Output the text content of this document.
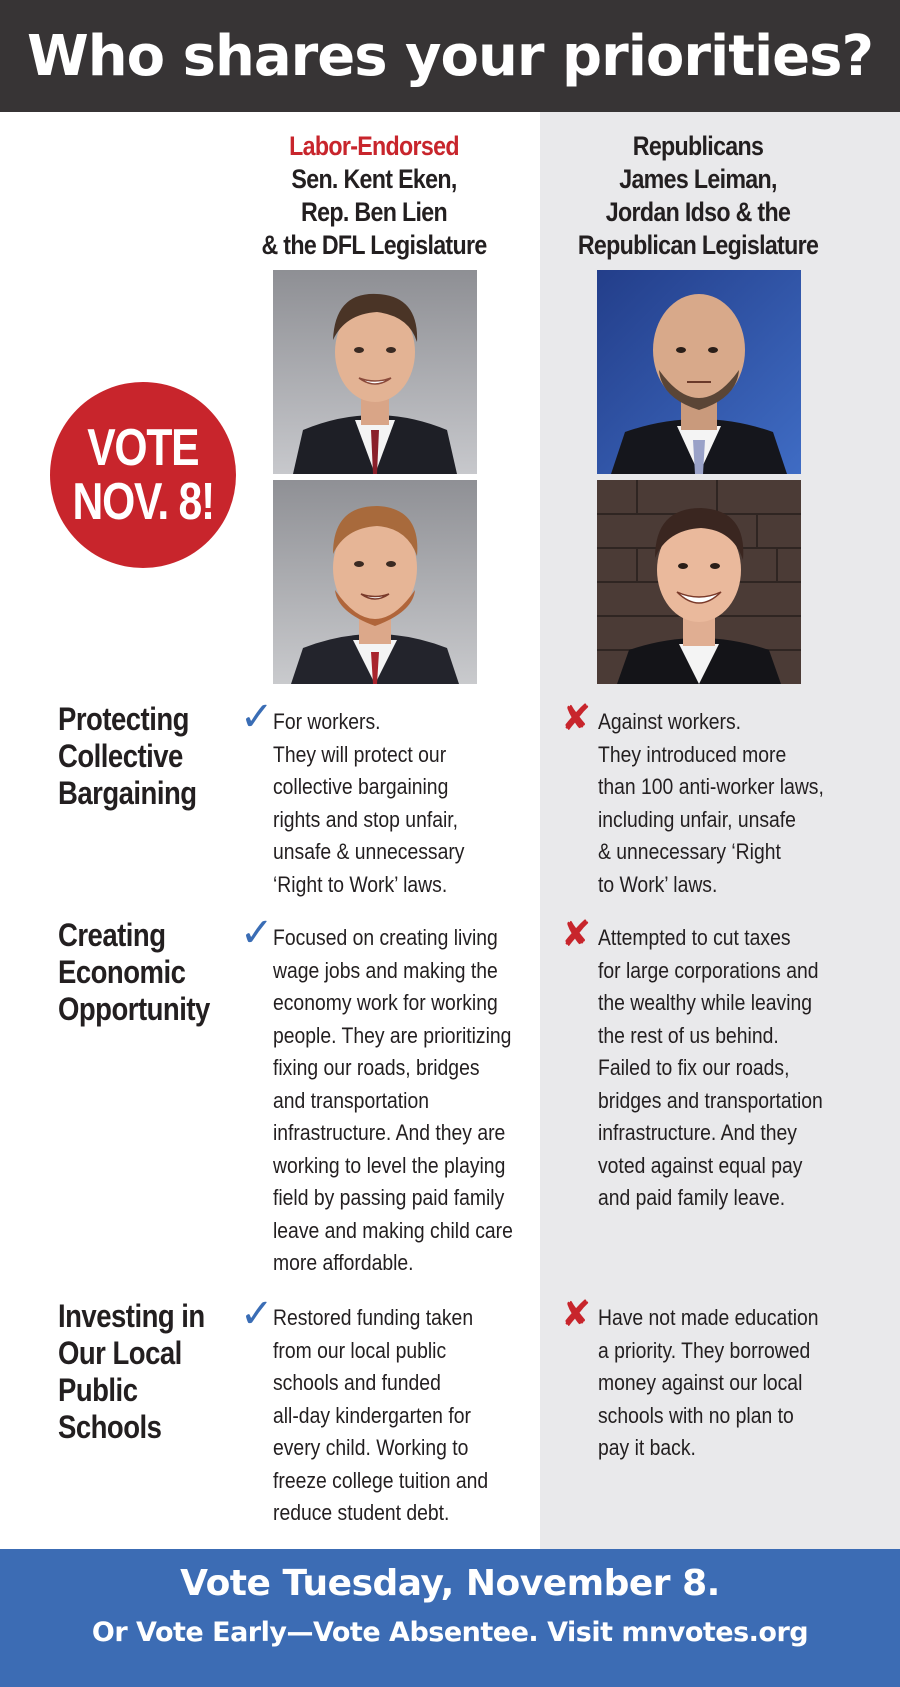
Who shares your priorities?
Labor-Endorsed
Sen. Kent Eken,
Rep. Ben Lien
& the DFL Legislature
Republicans
James Leiman,
Jordan Idso & the
Republican Legislature
VOTE
NOV. 8!
Protecting
Collective
Bargaining
✓ For workers.
They will protect our
collective bargaining
rights and stop unfair,
unsafe & unnecessary
‘Right to Work’ laws.
✘ Against workers.
They introduced more
than 100 anti-worker laws,
including unfair, unsafe
& unnecessary ‘Right
to Work’ laws.
Creating
Economic
Opportunity
✓ Focused on creating living
wage jobs and making the
economy work for working
people. They are prioritizing
fixing our roads, bridges
and transportation
infrastructure. And they are
working to level the playing
field by passing paid family
leave and making child care
more affordable.
✘ Attempted to cut taxes
for large corporations and
the wealthy while leaving
the rest of us behind.
Failed to fix our roads,
bridges and transportation
infrastructure. And they
voted against equal pay
and paid family leave.
Investing in
Our Local
Public
Schools
✓ Restored funding taken
from our local public
schools and funded
all-day kindergarten for
every child. Working to
freeze college tuition and
reduce student debt.
✘ Have not made education
a priority. They borrowed
money against our local
schools with no plan to
pay it back.
Vote Tuesday, November 8.
Or Vote Early—Vote Absentee. Visit mnvotes.org
